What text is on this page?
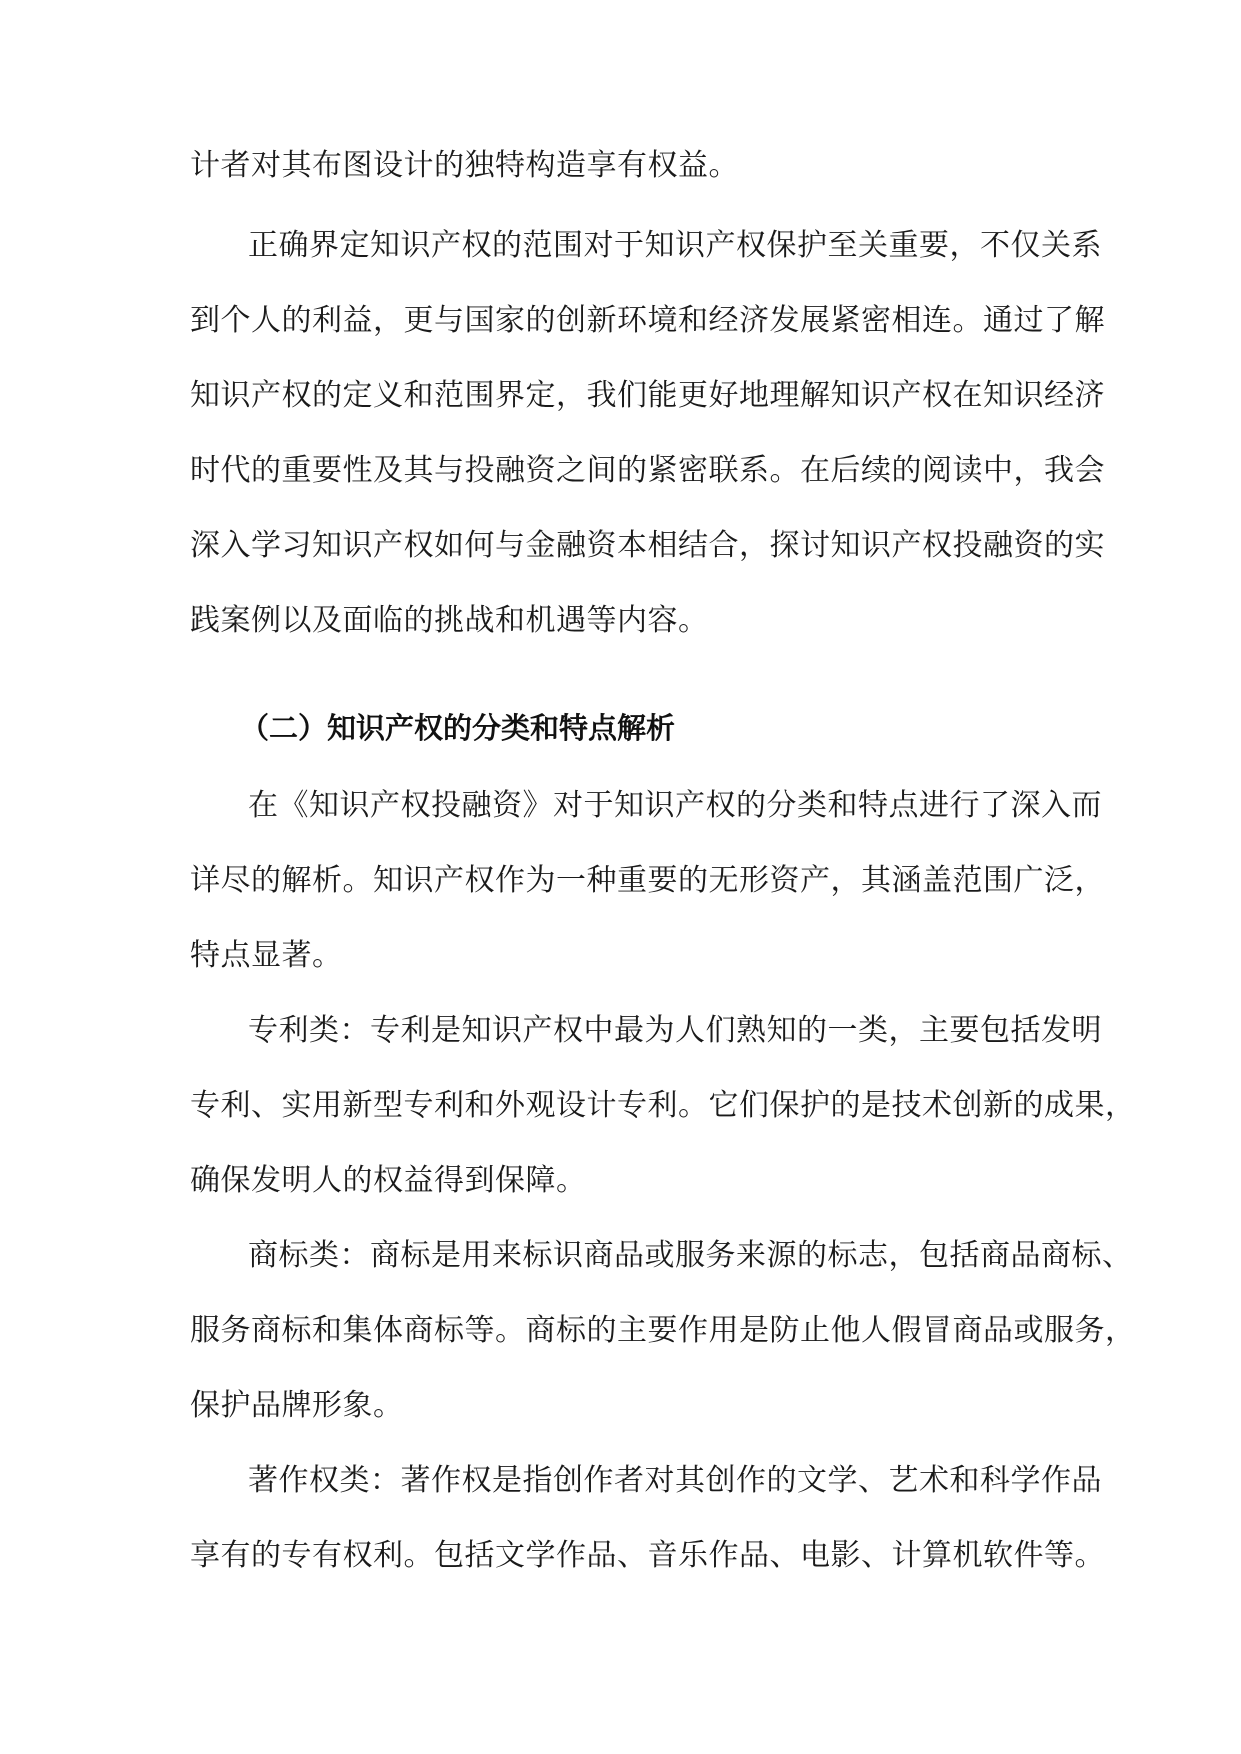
计者对其布图设计的独特构造享有权益。
正确界定知识产权的范围对于知识产权保护至关重要，不仅关系
到个人的利益，更与国家的创新环境和经济发展紧密相连。通过了解
知识产权的定义和范围界定，我们能更好地理解知识产权在知识经济
时代的重要性及其与投融资之间的紧密联系。在后续的阅读中，我会
深入学习知识产权如何与金融资本相结合，探讨知识产权投融资的实
践案例以及面临的挑战和机遇等内容。
（二）知识产权的分类和特点解析
在《知识产权投融资》对于知识产权的分类和特点进行了深入而
详尽的解析。知识产权作为一种重要的无形资产，其涵盖范围广泛，
特点显著。
专利类：专利是知识产权中最为人们熟知的一类，主要包括发明
专利、实用新型专利和外观设计专利。它们保护的是技术创新的成果，
确保发明人的权益得到保障。
商标类：商标是用来标识商品或服务来源的标志，包括商品商标、
服务商标和集体商标等。商标的主要作用是防止他人假冒商品或服务，
保护品牌形象。
著作权类：著作权是指创作者对其创作的文学、艺术和科学作品
享有的专有权利。包括文学作品、音乐作品、电影、计算机软件等。
